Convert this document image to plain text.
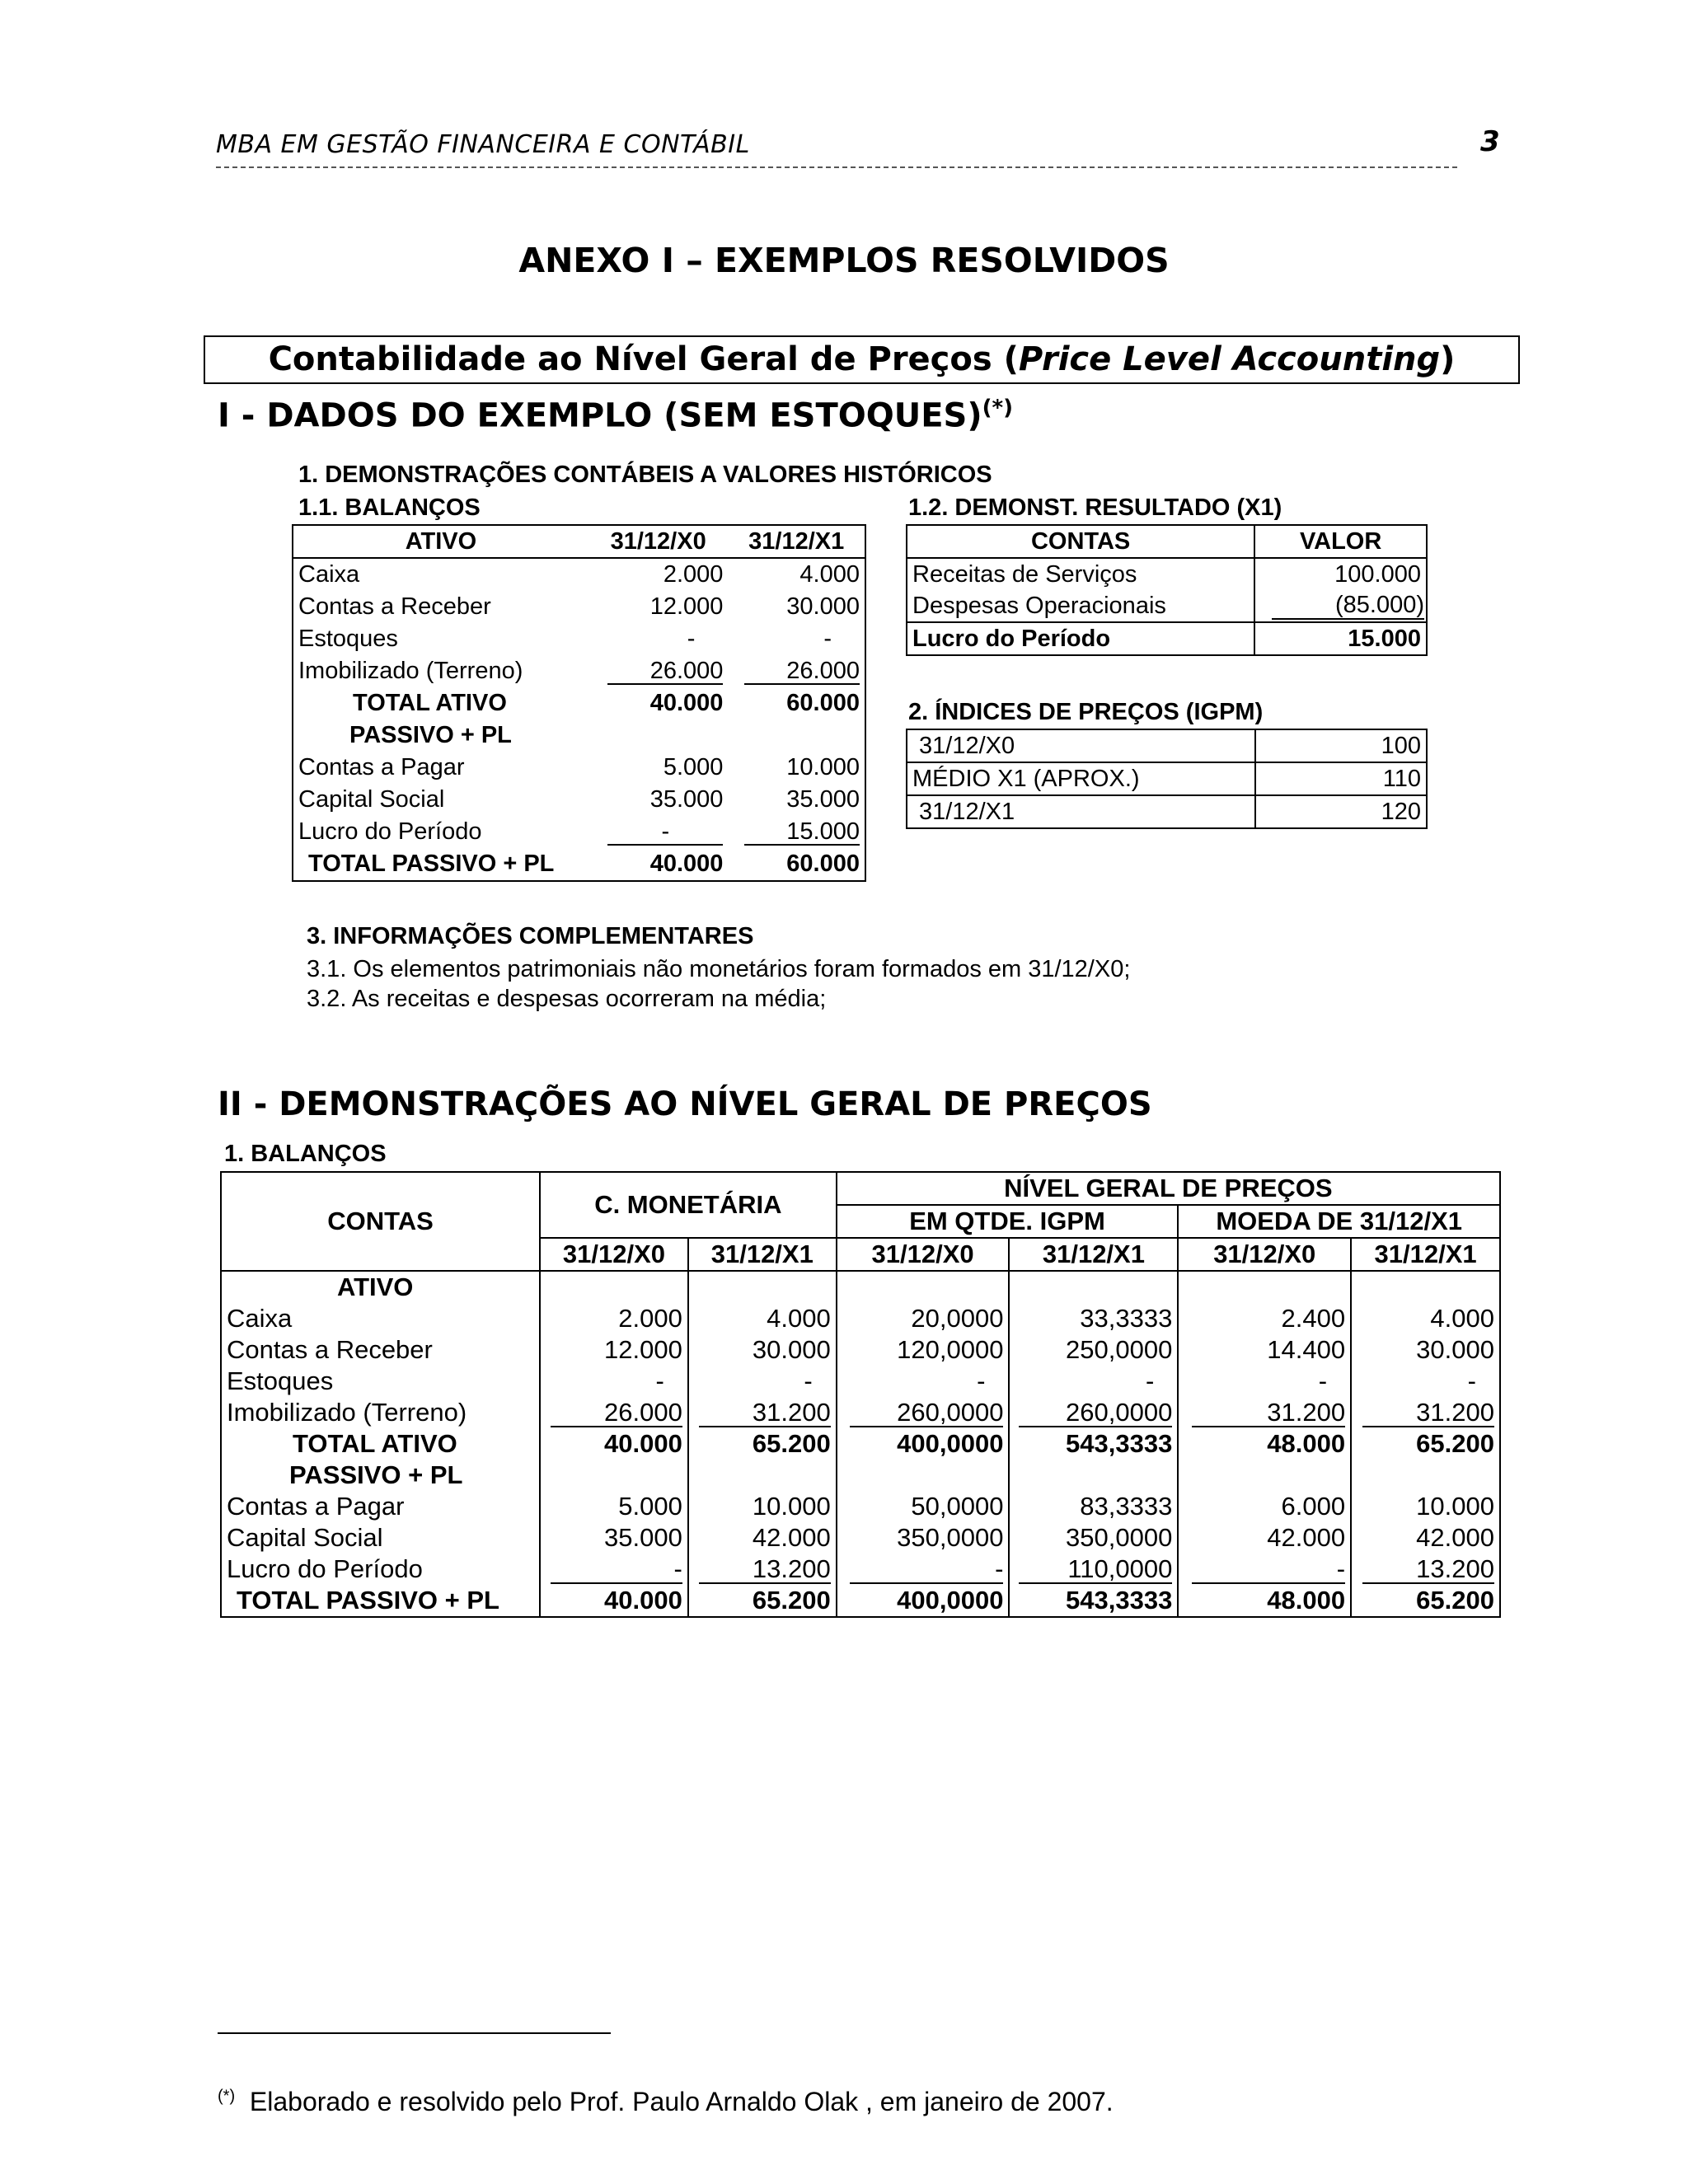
MBA EM GESTÃO FINANCEIRA E CONTÁBIL	3
ANEXO I – EXEMPLOS RESOLVIDOS
Contabilidade ao Nível Geral de Preços (Price Level Accounting)
I - DADOS DO EXEMPLO (SEM ESTOQUES)(*)
1. DEMONSTRAÇÕES CONTÁBEIS A VALORES HISTÓRICOS
1.1. BALANÇOS	1.2. DEMONST. RESULTADO (X1)
ATIVO	31/12/X0	31/12/X1
Caixa	2.000	4.000
Contas a Receber	12.000	30.000
Estoques	-	-
Imobilizado (Terreno)	26.000	26.000
TOTAL ATIVO	40.000	60.000
PASSIVO + PL		
Contas a Pagar	5.000	10.000
Capital Social	35.000	35.000
Lucro do Período	-	15.000
TOTAL PASSIVO + PL	40.000	60.000
CONTAS	VALOR
Receitas de Serviços	100.000
Despesas Operacionais	(85.000)
Lucro do Período	15.000
2. ÍNDICES DE PREÇOS (IGPM)
31/12/X0	100
MÉDIO X1 (APROX.)	110
31/12/X1	120
3. INFORMAÇÕES COMPLEMENTARES
3.1. Os elementos patrimoniais não monetários foram formados em 31/12/X0;
3.2. As receitas e despesas ocorreram na média;
II - DEMONSTRAÇÕES AO NÍVEL GERAL DE PREÇOS
1. BALANÇOS
CONTAS	C. MONETÁRIA		NÍVEL GERAL DE PREÇOS			
			EM QTDE. IGPM		MOEDA DE 31/12/X1	
	31/12/X0	31/12/X1	31/12/X0	31/12/X1	31/12/X0	31/12/X1
ATIVO						
Caixa	2.000	4.000	20,0000	33,3333	2.400	4.000
Contas a Receber	12.000	30.000	120,0000	250,0000	14.400	30.000
Estoques	-	-	-	-	-	-
Imobilizado (Terreno)	26.000	31.200	260,0000	260,0000	31.200	31.200
TOTAL ATIVO	40.000	65.200	400,0000	543,3333	48.000	65.200
PASSIVO + PL						
Contas a Pagar	5.000	10.000	50,0000	83,3333	6.000	10.000
Capital Social	35.000	42.000	350,0000	350,0000	42.000	42.000
Lucro do Período	-	13.200	-	110,0000	-	13.200
TOTAL PASSIVO + PL	40.000	65.200	400,0000	543,3333	48.000	65.200
(*) Elaborado e resolvido pelo Prof. Paulo Arnaldo Olak , em janeiro de 2007.
